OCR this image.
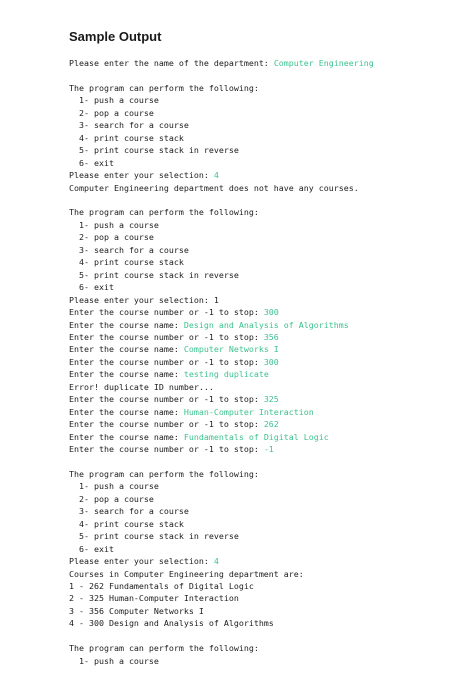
Sample Output
Please enter the name of the department: Computer Engineering
The program can perform the following:
1- push a course
2- pop a course
3- search for a course
4- print course stack
5- print course stack in reverse
6- exit
Please enter your selection: 4
Computer Engineering department does not have any courses.
The program can perform the following:
1- push a course
2- pop a course
3- search for a course
4- print course stack
5- print course stack in reverse
6- exit
Please enter your selection: 1
Enter the course number or -1 to stop: 300
Enter the course name: Design and Analysis of Algorithms
Enter the course number or -1 to stop: 356
Enter the course name: Computer Networks I
Enter the course number or -1 to stop: 300
Enter the course name: testing duplicate
Error! duplicate ID number...
Enter the course number or -1 to stop: 325
Enter the course name: Human-Computer Interaction
Enter the course number or -1 to stop: 262
Enter the course name: Fundamentals of Digital Logic
Enter the course number or -1 to stop: -1
The program can perform the following:
1- push a course
2- pop a course
3- search for a course
4- print course stack
5- print course stack in reverse
6- exit
Please enter your selection: 4
Courses in Computer Engineering department are:
1 - 262 Fundamentals of Digital Logic
2 - 325 Human-Computer Interaction
3 - 356 Computer Networks I
4 - 300 Design and Analysis of Algorithms
The program can perform the following:
1- push a course
